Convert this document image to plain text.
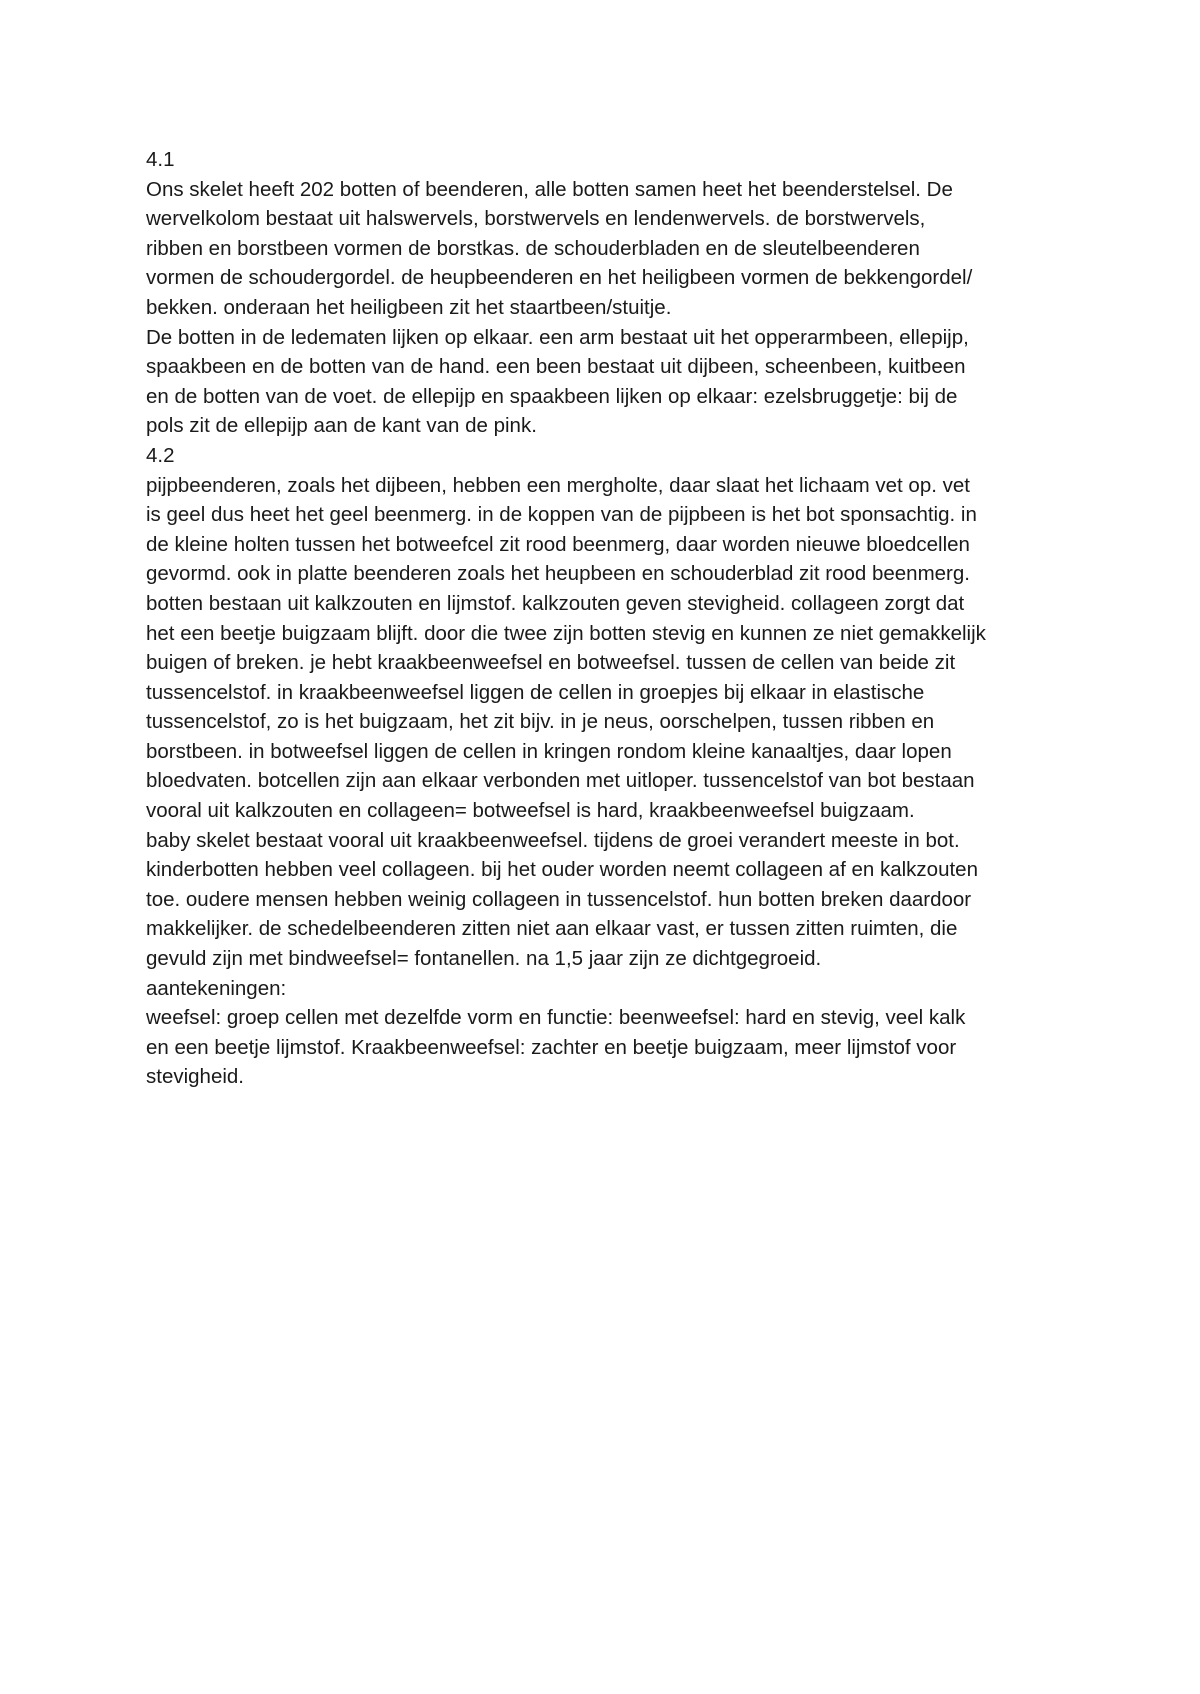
4.1
Ons skelet heeft 202 botten of beenderen, alle botten samen heet het beenderstelsel. De
wervelkolom bestaat uit halswervels, borstwervels en lendenwervels. de borstwervels,
ribben en borstbeen vormen de borstkas. de schouderbladen en de sleutelbeenderen
vormen de schoudergordel. de heupbeenderen en het heiligbeen vormen de bekkengordel/
bekken. onderaan het heiligbeen zit het staartbeen/stuitje.
De botten in de ledematen lijken op elkaar. een arm bestaat uit het opperarmbeen, ellepijp,
spaakbeen en de botten van de hand. een been bestaat uit dijbeen, scheenbeen, kuitbeen
en de botten van de voet. de ellepijp en spaakbeen lijken op elkaar: ezelsbruggetje: bij de
pols zit de ellepijp aan de kant van de pink.
4.2
pijpbeenderen, zoals het dijbeen, hebben een mergholte, daar slaat het lichaam vet op. vet
is geel dus heet het geel beenmerg. in de koppen van de pijpbeen is het bot sponsachtig. in
de kleine holten tussen het botweefcel zit rood beenmerg, daar worden nieuwe bloedcellen
gevormd. ook in platte beenderen zoals het heupbeen en schouderblad zit rood beenmerg.
botten bestaan uit kalkzouten en lijmstof. kalkzouten geven stevigheid. collageen zorgt dat
het een beetje buigzaam blijft. door die twee zijn botten stevig en kunnen ze niet gemakkelijk
buigen of breken. je hebt kraakbeenweefsel en botweefsel. tussen de cellen van beide zit
tussencelstof. in kraakbeenweefsel liggen de cellen in groepjes bij elkaar in elastische
tussencelstof, zo is het buigzaam, het zit bijv. in je neus, oorschelpen, tussen ribben en
borstbeen. in botweefsel liggen de cellen in kringen rondom kleine kanaaltjes, daar lopen
bloedvaten. botcellen zijn aan elkaar verbonden met uitloper. tussencelstof van bot bestaan
vooral uit kalkzouten en collageen= botweefsel is hard, kraakbeenweefsel buigzaam.
baby skelet bestaat vooral uit kraakbeenweefsel. tijdens de groei verandert meeste in bot.
kinderbotten hebben veel collageen. bij het ouder worden neemt collageen af en kalkzouten
toe. oudere mensen hebben weinig collageen in tussencelstof. hun botten breken daardoor
makkelijker. de schedelbeenderen zitten niet aan elkaar vast, er tussen zitten ruimten, die
gevuld zijn met bindweefsel= fontanellen. na 1,5 jaar zijn ze dichtgegroeid.
aantekeningen:
weefsel: groep cellen met dezelfde vorm en functie: beenweefsel: hard en stevig, veel kalk
en een beetje lijmstof. Kraakbeenweefsel: zachter en beetje buigzaam, meer lijmstof voor
stevigheid.
